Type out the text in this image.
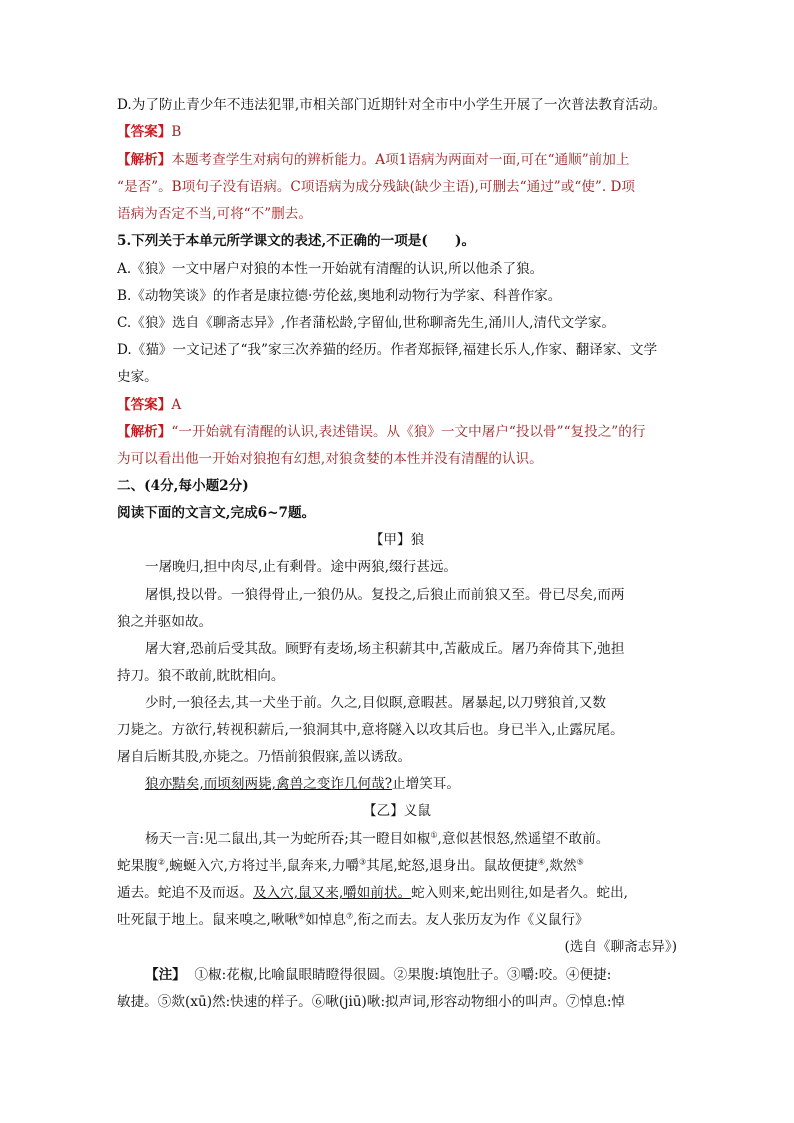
D.为了防止青少年不违法犯罪,市相关部门近期针对全市中小学生开展了一次普法教育活动。
【答案】B
【解析】本题考查学生对病句的辨析能力。A项1语病为两面对一面,可在“通顺”前加上
“是否”。B项句子没有语病。C项语病为成分残缺(缺少主语),可删去“通过”或“使”. D项
语病为否定不当,可将“不”删去。
5.下列关于本单元所学课文的表述,不正确的一项是(　　)。
A.《狼》一文中屠户对狼的本性一开始就有清醒的认识,所以他杀了狼。
B.《动物笑谈》的作者是康拉德·劳伦兹,奥地利动物行为学家、科普作家。
C.《狼》选自《聊斋志异》,作者蒲松龄,字留仙,世称聊斋先生,涌川人,清代文学家。
D.《猫》一文记述了“我”家三次养猫的经历。作者郑振铎,福建长乐人,作家、翻译家、文学
史家。
【答案】A
【解析】“一开始就有清醒的认识,表述错误。从《狼》一文中屠户“投以骨”“复投之”的行
为可以看出他一开始对狼抱有幻想,对狼贪婪的本性并没有清醒的认识。
二、(4分,每小题2分)
阅读下面的文言文,完成6~7题。
【甲】狼
一屠晚归,担中肉尽,止有剩骨。途中两狼,缀行甚远。
屠惧,投以骨。一狼得骨止,一狼仍从。复投之,后狼止而前狼又至。骨已尽矣,而两
狼之并驱如故。
屠大窘,恐前后受其敌。顾野有麦场,场主积薪其中,苫蔽成丘。屠乃奔倚其下,弛担
持刀。狼不敢前,眈眈相向。
少时,一狼径去,其一犬坐于前。久之,目似瞑,意暇甚。屠暴起,以刀劈狼首,又数
刀毙之。方欲行,转视积薪后,一狼洞其中,意将隧入以攻其后也。身已半入,止露尻尾。
屠自后断其股,亦毙之。乃悟前狼假寐,盖以诱敌。
狼亦黠矣,而顷刻两毙,禽兽之变诈几何哉?止增笑耳。
【乙】义鼠
杨天一言:见二鼠出,其一为蛇所吞;其一瞪目如椒①,意似甚恨怒,然遥望不敢前。
蛇果腹②,蜿蜒入穴,方将过半,鼠奔来,力嚼③其尾,蛇怒,退身出。鼠故便捷④,欻然⑤
遁去。蛇追不及而返。及入穴,鼠又来,嚼如前状。蛇入则来,蛇出则往,如是者久。蛇出,
吐死鼠于地上。鼠来嗅之,啾啾⑥如悼息⑦,衔之而去。友人张历友为作《义鼠行》
(选自《聊斋志异》)
【注】 ①椒:花椒,比喻鼠眼睛瞪得很圆。②果腹:填饱肚子。③嚼:咬。④便捷:
敏捷。⑤欻(xū)然:快速的样子。⑥啾(jiū)啾:拟声词,形容动物细小的叫声。⑦悼息:悼
